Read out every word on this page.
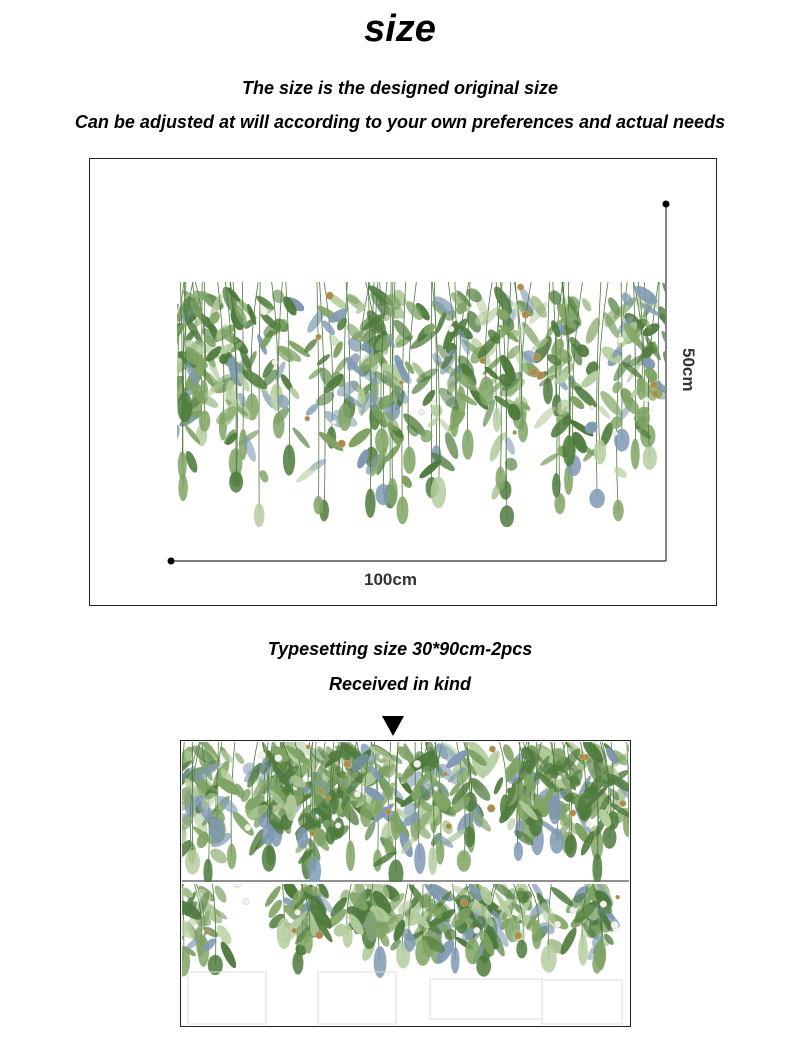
size
The size is the designed original size
Can be adjusted at will according to your own preferences and actual needs
100cm
50cm
Typesetting size 30*90cm-2pcs
Received in kind
